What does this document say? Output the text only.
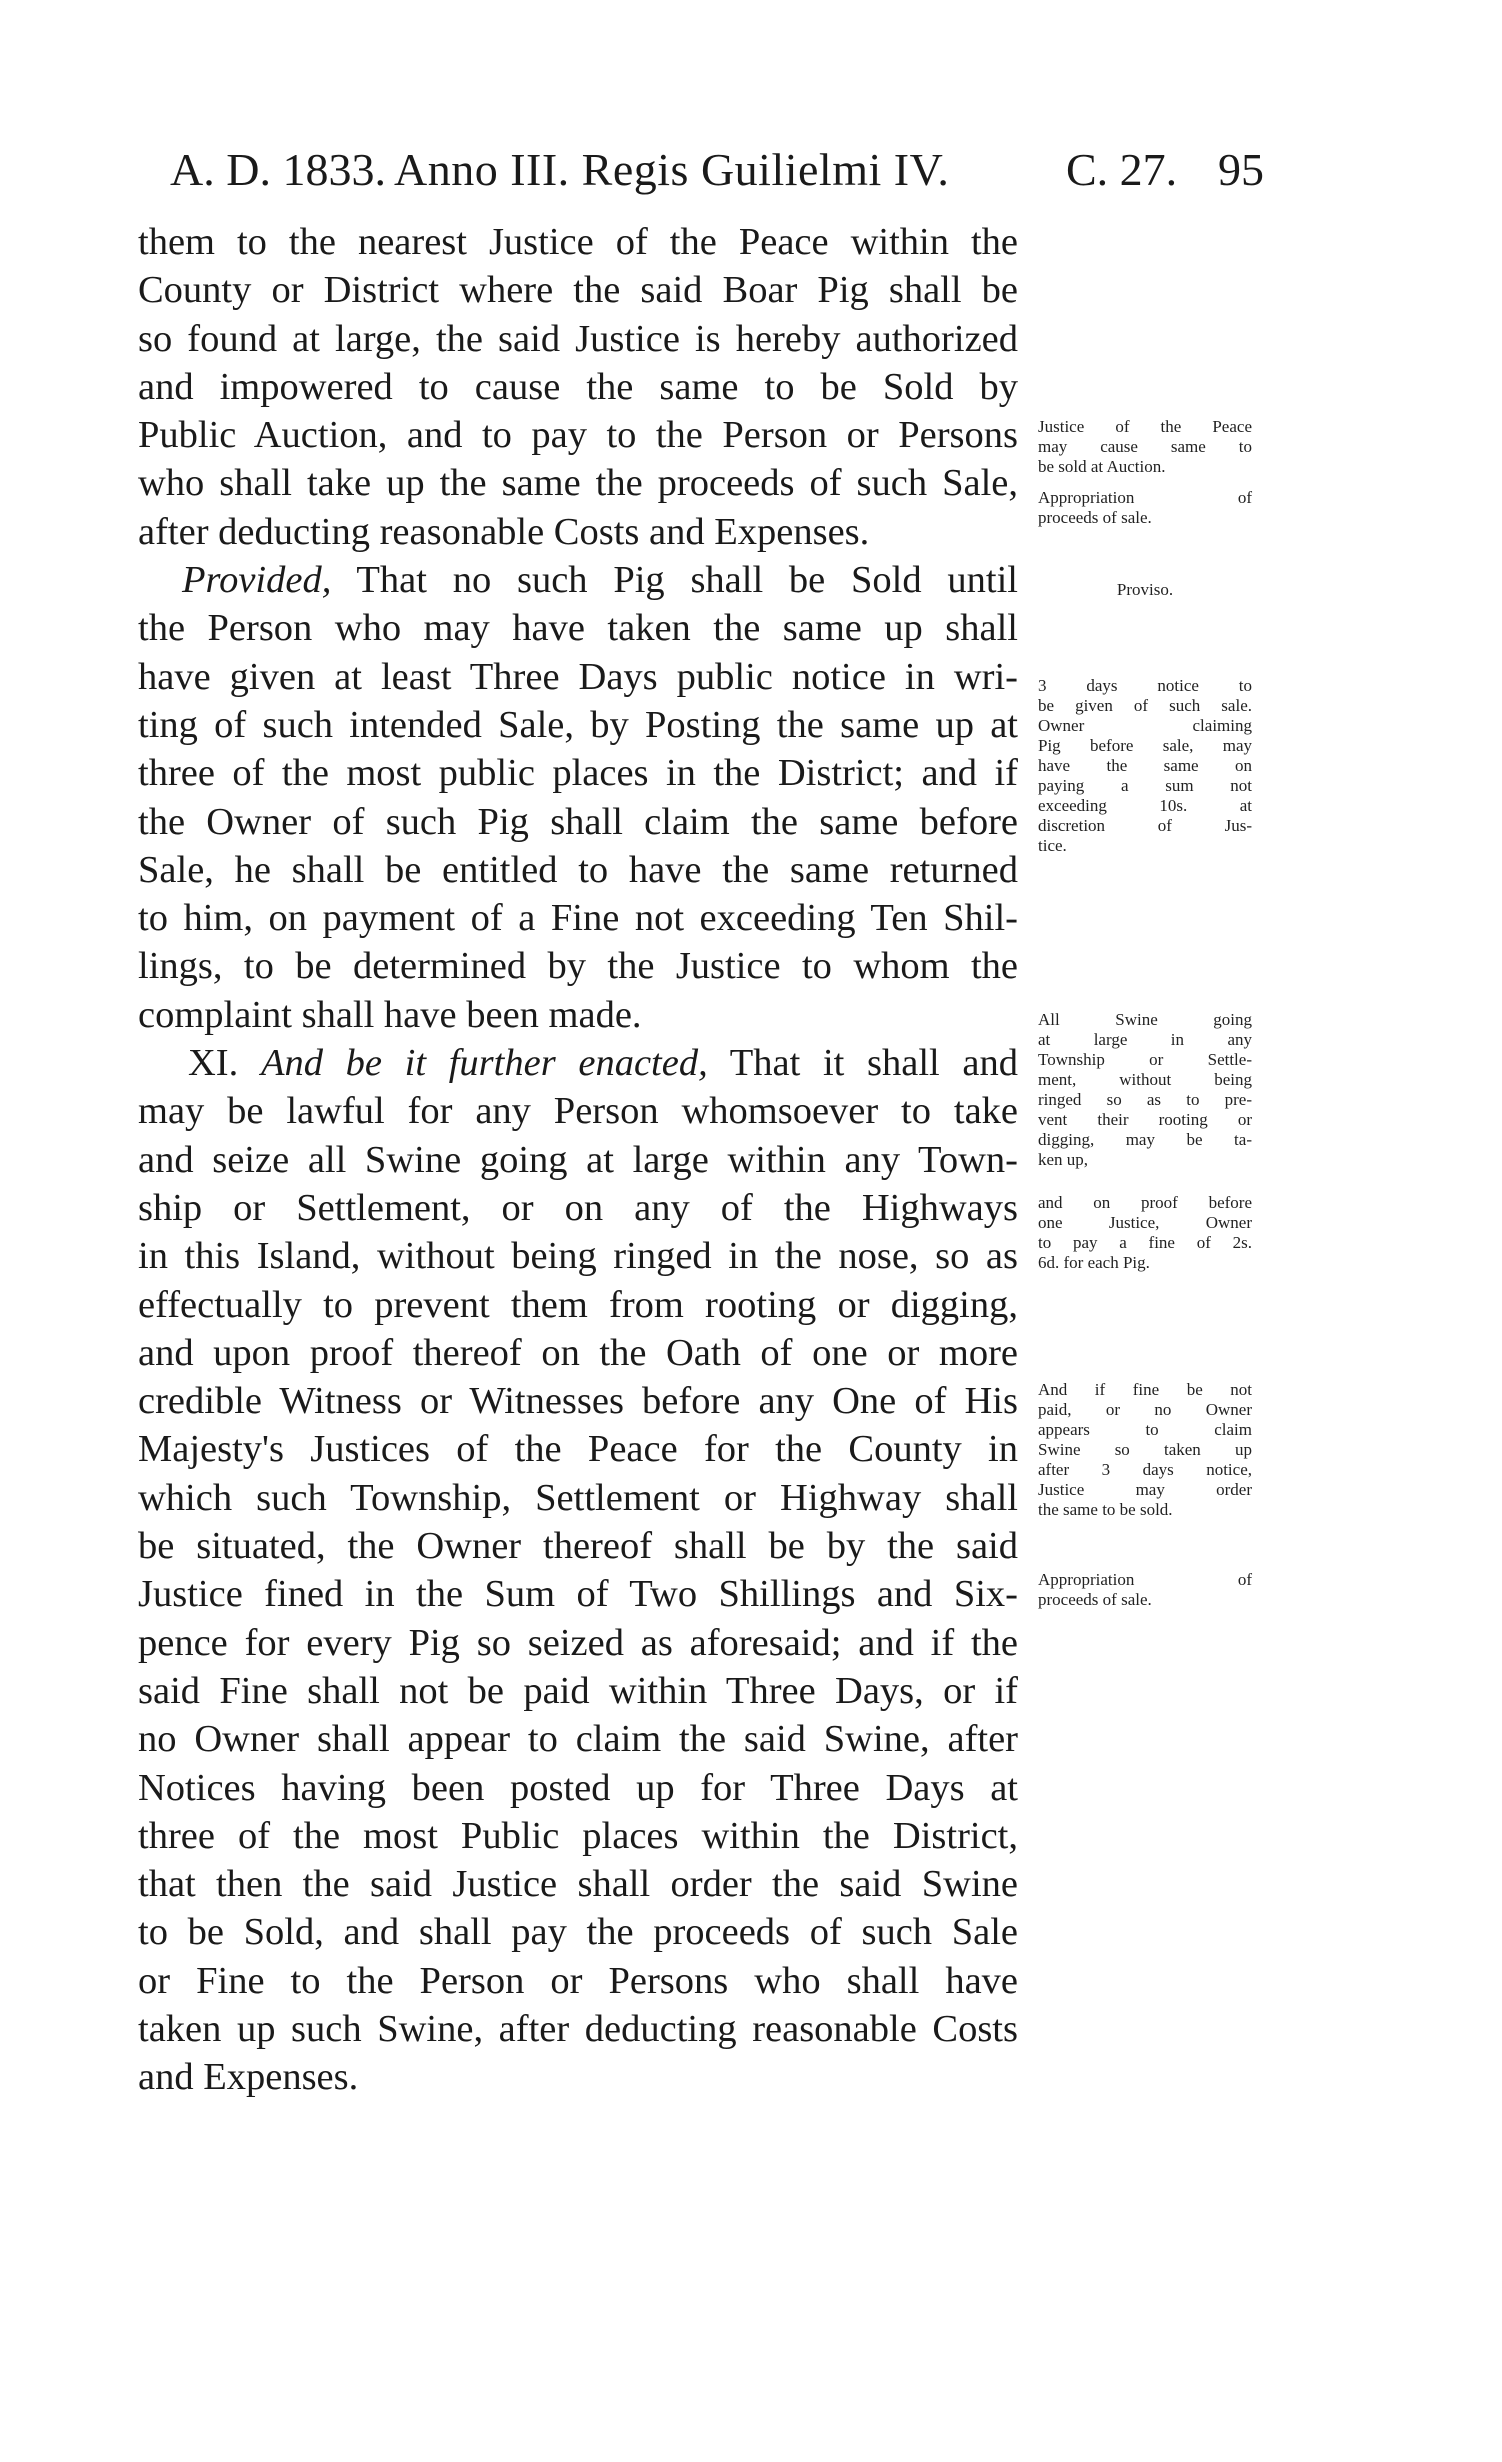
A. D. 1833. Anno III. Regis Guilielmi IV.	C. 27. 95
them to the nearest Justice of the Peace within the
County or District where the said Boar Pig shall be
so found at large, the said Justice is hereby authorized
and impowered to cause the same to be Sold by
Public Auction, and to pay to the Person or Persons
who shall take up the same the proceeds of such Sale,
after deducting reasonable Costs and Expenses.
Provided, That no such Pig shall be Sold until
the Person who may have taken the same up shall
have given at least Three Days public notice in wri-
ting of such intended Sale, by Posting the same up at
three of the most public places in the District; and if
the Owner of such Pig shall claim the same before
Sale, he shall be entitled to have the same returned
to him, on payment of a Fine not exceeding Ten Shil-
lings, to be determined by the Justice to whom the
complaint shall have been made.
XI. And be it further enacted, That it shall and
may be lawful for any Person whomsoever to take
and seize all Swine going at large within any Town-
ship or Settlement, or on any of the Highways
in this Island, without being ringed in the nose, so as
effectually to prevent them from rooting or digging,
and upon proof thereof on the Oath of one or more
credible Witness or Witnesses before any One of His
Majesty's Justices of the Peace for the County in
which such Township, Settlement or Highway shall
be situated, the Owner thereof shall be by the said
Justice fined in the Sum of Two Shillings and Six-
pence for every Pig so seized as aforesaid; and if the
said Fine shall not be paid within Three Days, or if
no Owner shall appear to claim the said Swine, after
Notices having been posted up for Three Days at
three of the most Public places within the District,
that then the said Justice shall order the said Swine
to be Sold, and shall pay the proceeds of such Sale
or Fine to the Person or Persons who shall have
taken up such Swine, after deducting reasonable Costs
and Expenses.
Justice of the Peace
may cause same to
be sold at Auction.
Appropriation of
proceeds of sale.
Proviso.
3 days notice to
be given of such sale.
Owner claiming
Pig before sale, may
have the same on
paying a sum not
exceeding 10s. at
discretion of Jus-
tice.
All Swine going
at large in any
Township or Settle-
ment, without being
ringed so as to pre-
vent their rooting or
digging, may be ta-
ken up,
and on proof before
one Justice, Owner
to pay a fine of 2s.
6d. for each Pig.
And if fine be not
paid, or no Owner
appears to claim
Swine so taken up
after 3 days notice,
Justice may order
the same to be sold.
Appropriation of
proceeds of sale.
